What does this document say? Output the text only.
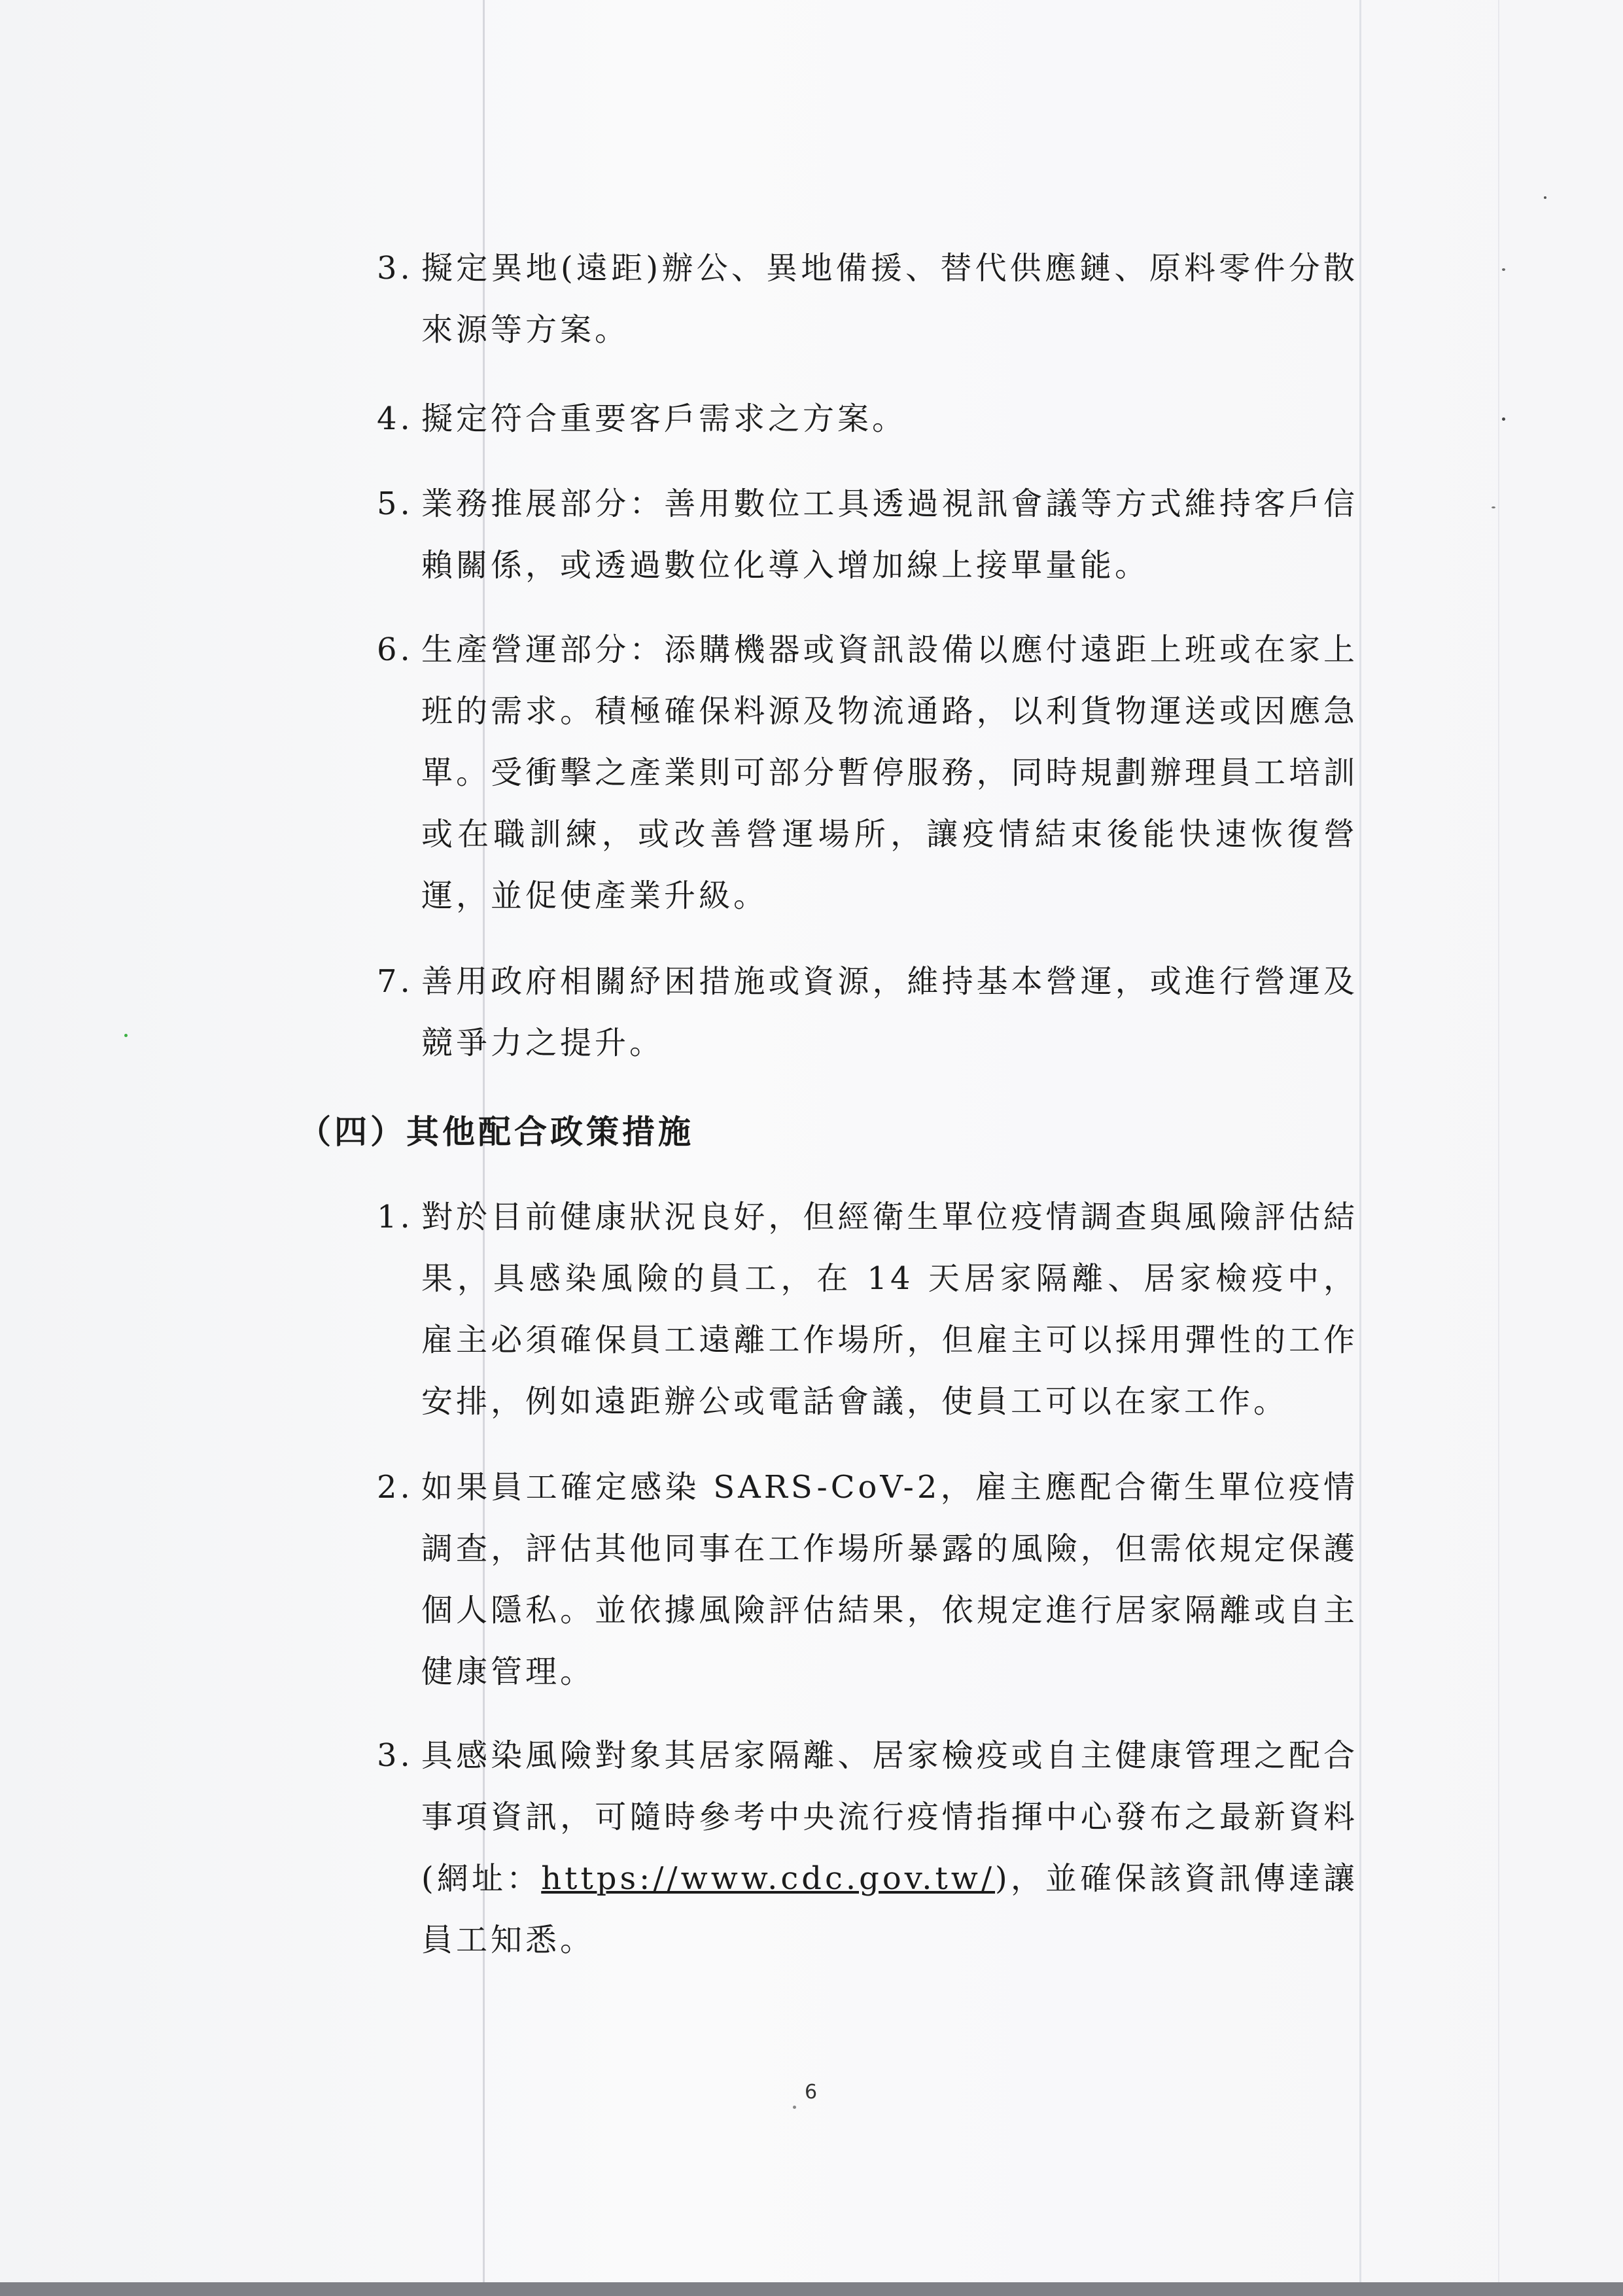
3. 擬定異地(遠距)辦公、異地備援、替代供應鏈、原料零件分散來源等方案。
4. 擬定符合重要客戶需求之方案。
5. 業務推展部分：善用數位工具透過視訊會議等方式維持客戶信賴關係，或透過數位化導入增加線上接單量能。
6. 生產營運部分：添購機器或資訊設備以應付遠距上班或在家上班的需求。積極確保料源及物流通路，以利貨物運送或因應急單。受衝擊之產業則可部分暫停服務，同時規劃辦理員工培訓或在職訓練，或改善營運場所，讓疫情結束後能快速恢復營運，並促使產業升級。
7. 善用政府相關紓困措施或資源，維持基本營運，或進行營運及競爭力之提升。
（四）其他配合政策措施
1. 對於目前健康狀況良好，但經衛生單位疫情調查與風險評估結果，具感染風險的員工，在 14 天居家隔離、居家檢疫中，雇主必須確保員工遠離工作場所，但雇主可以採用彈性的工作安排，例如遠距辦公或電話會議，使員工可以在家工作。
2. 如果員工確定感染 SARS-CoV-2，雇主應配合衛生單位疫情調查，評估其他同事在工作場所暴露的風險，但需依規定保護個人隱私。並依據風險評估結果，依規定進行居家隔離或自主健康管理。
3. 具感染風險對象其居家隔離、居家檢疫或自主健康管理之配合事項資訊，可隨時參考中央流行疫情指揮中心發布之最新資料(網址：https://www.cdc.gov.tw/)，並確保該資訊傳達讓員工知悉。
6
